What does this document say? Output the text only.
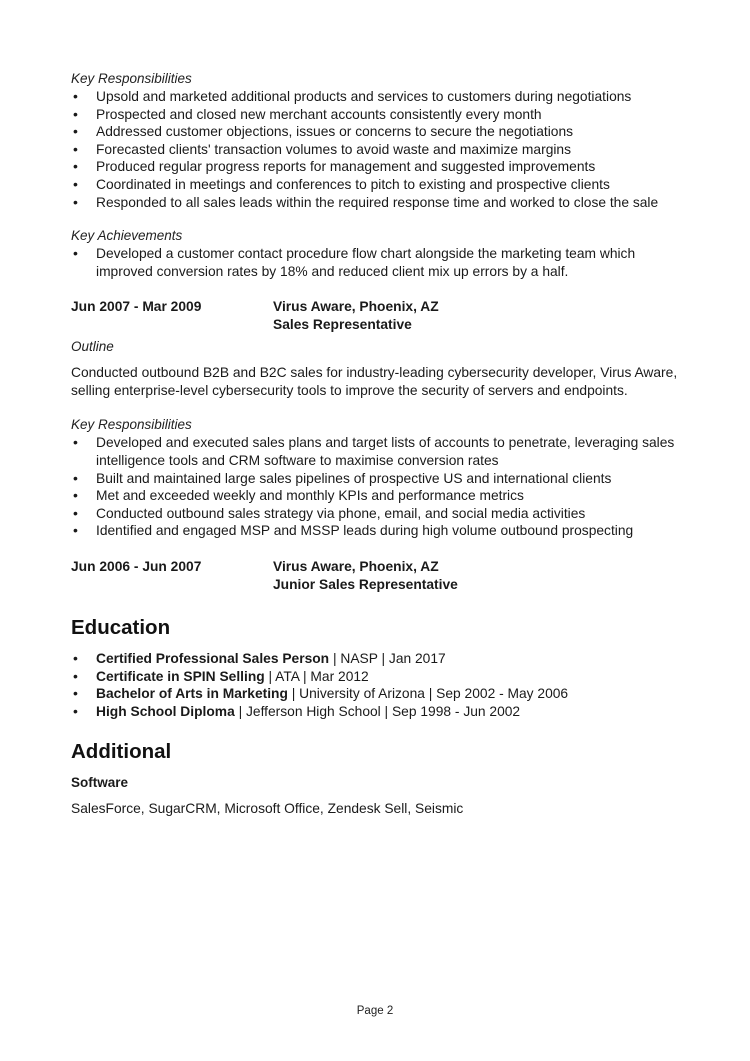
Key Responsibilities

• Upsold and marketed additional products and services to customers during negotiations
• Prospected and closed new merchant accounts consistently every month
• Addressed customer objections, issues or concerns to secure the negotiations
• Forecasted clients' transaction volumes to avoid waste and maximize margins
• Produced regular progress reports for management and suggested improvements
• Coordinated in meetings and conferences to pitch to existing and prospective clients
• Responded to all sales leads within the required response time and worked to close the sale

Key Achievements

• Developed a customer contact procedure flow chart alongside the marketing team which improved conversion rates by 18% and reduced client mix up errors by a half.
Jun 2007 - Mar 2009	Virus Aware, Phoenix, AZ
Sales Representative

Outline

Conducted outbound B2B and B2C sales for industry-leading cybersecurity developer, Virus Aware, selling enterprise-level cybersecurity tools to improve the security of servers and endpoints.

Key Responsibilities

• Developed and executed sales plans and target lists of accounts to penetrate, leveraging sales intelligence tools and CRM software to maximise conversion rates
• Built and maintained large sales pipelines of prospective US and international clients
• Met and exceeded weekly and monthly KPIs and performance metrics
• Conducted outbound sales strategy via phone, email, and social media activities
• Identified and engaged MSP and MSSP leads during high volume outbound prospecting
Jun 2006 - Jun 2007	Virus Aware, Phoenix, AZ
Junior Sales Representative
Education
• Certified Professional Sales Person | NASP | Jan 2017
• Certificate in SPIN Selling | ATA | Mar 2012
• Bachelor of Arts in Marketing | University of Arizona | Sep 2002 - May 2006
• High School Diploma | Jefferson High School | Sep 1998 - Jun 2002
Additional

Software

SalesForce, SugarCRM, Microsoft Office, Zendesk Sell, Seismic

Page 2
